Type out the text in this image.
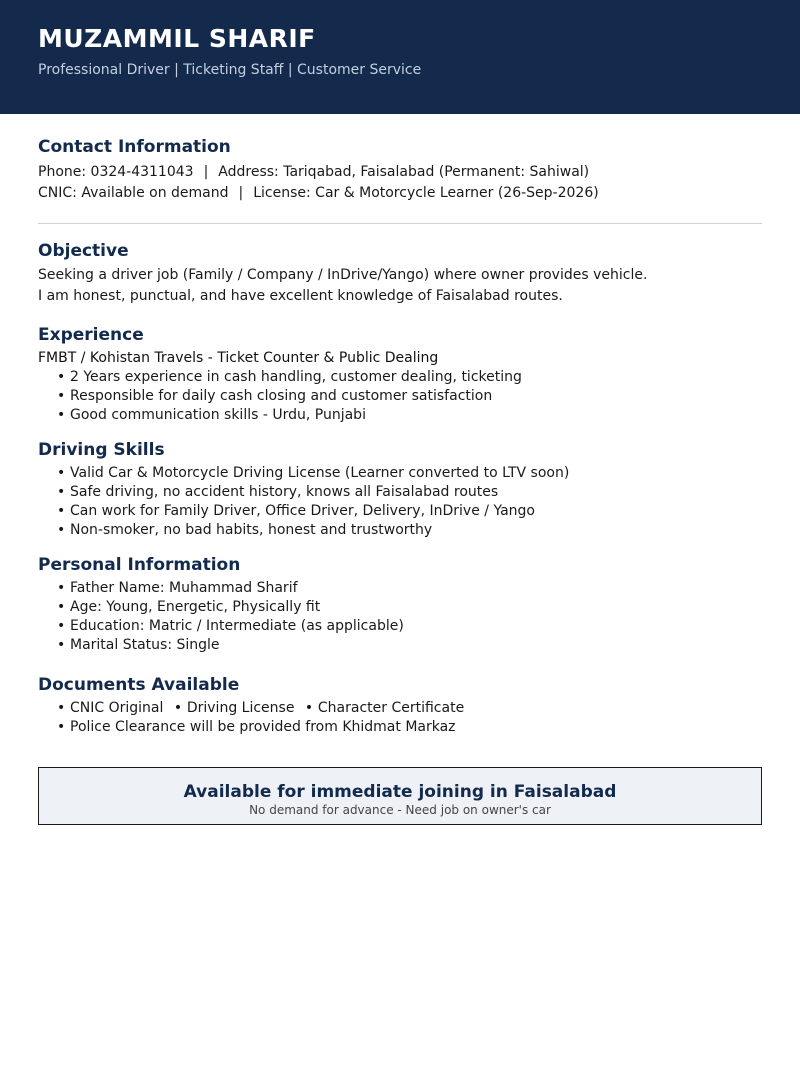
MUZAMMIL SHARIF
Professional Driver | Ticketing Staff | Customer Service
Contact Information
Phone: 0324-4311043 | Address: Tariqabad, Faisalabad (Permanent: Sahiwal)
CNIC: Available on demand | License: Car & Motorcycle Learner (26-Sep-2026)
Objective
Seeking a driver job (Family / Company / InDrive/Yango) where owner provides vehicle.
I am honest, punctual, and have excellent knowledge of Faisalabad routes.
Experience
FMBT / Kohistan Travels - Ticket Counter & Public Dealing
• 2 Years experience in cash handling, customer dealing, ticketing
• Responsible for daily cash closing and customer satisfaction
• Good communication skills - Urdu, Punjabi
Driving Skills
• Valid Car & Motorcycle Driving License (Learner converted to LTV soon)
• Safe driving, no accident history, knows all Faisalabad routes
• Can work for Family Driver, Office Driver, Delivery, InDrive / Yango
• Non-smoker, no bad habits, honest and trustworthy
Personal Information
• Father Name: Muhammad Sharif
• Age: Young, Energetic, Physically fit
• Education: Matric / Intermediate (as applicable)
• Marital Status: Single
Documents Available
• CNIC Original • Driving License • Character Certificate
• Police Clearance will be provided from Khidmat Markaz
Available for immediate joining in Faisalabad
No demand for advance - Need job on owner's car
